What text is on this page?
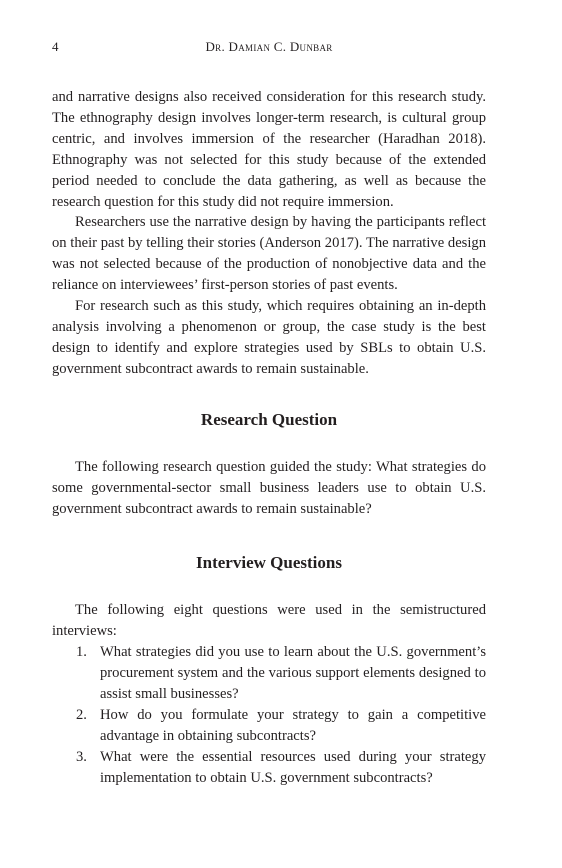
4	Dr. Damian C. Dunbar

and narrative designs also received consideration for this research study. The ethnography design involves longer-term research, is cultural group centric, and involves immersion of the researcher (Haradhan 2018). Ethnography was not selected for this study because of the extended period needed to conclude the data gathering, as well as because the research question for this study did not require immersion.

Researchers use the narrative design by having the participants reflect on their past by telling their stories (Anderson 2017). The narrative design was not selected because of the production of nonobjective data and the reliance on interviewees’ first-person stories of past events.

For research such as this study, which requires obtaining an in-depth analysis involving a phenomenon or group, the case study is the best design to identify and explore strategies used by SBLs to obtain U.S. government subcontract awards to remain sustainable.

Research Question

The following research question guided the study: What strategies do some governmental-sector small business leaders use to obtain U.S. government subcontract awards to remain sustainable?

Interview Questions

The following eight questions were used in the semistructured interviews:

1. What strategies did you use to learn about the U.S. government’s procurement system and the various support elements designed to assist small businesses?
2. How do you formulate your strategy to gain a competitive advantage in obtaining subcontracts?
3. What were the essential resources used during your strategy implementation to obtain U.S. government subcontracts?
